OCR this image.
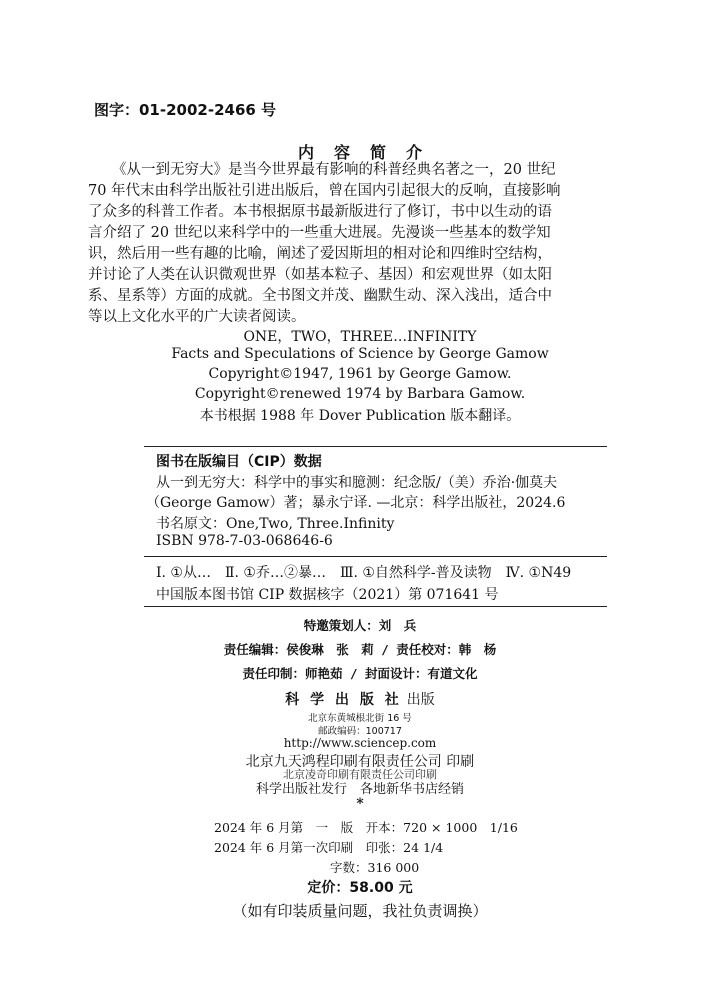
图字：01-2002-2466 号
内容简介
《从一到无穷大》是当今世界最有影响的科普经典名著之一，20 世纪
70 年代末由科学出版社引进出版后，曾在国内引起很大的反响，直接影响
了众多的科普工作者。本书根据原书最新版进行了修订，书中以生动的语
言介绍了 20 世纪以来科学中的一些重大进展。先漫谈一些基本的数学知
识，然后用一些有趣的比喻，阐述了爱因斯坦的相对论和四维时空结构，
并讨论了人类在认识微观世界（如基本粒子、基因）和宏观世界（如太阳
系、星系等）方面的成就。全书图文并茂、幽默生动、深入浅出，适合中
等以上文化水平的广大读者阅读。
ONE，TWO，THREE…INFINITY
Facts and Speculations of Science by George Gamow
Copyright©1947, 1961 by George Gamow.
Copyright©renewed 1974 by Barbara Gamow.
本书根据 1988 年 Dover Publication 版本翻译。
图书在版编目（CIP）数据
从一到无穷大：科学中的事实和臆测：纪念版/（美）乔治·伽莫夫
（George Gamow）著；暴永宁译. —北京：科学出版社，2024.6
书名原文：One,Two, Three.Infinity
ISBN 978-7-03-068646-6
Ⅰ. ①从…　Ⅱ. ①乔…②暴…　Ⅲ. ①自然科学-普及读物　Ⅳ. ①N49
中国版本图书馆 CIP 数据核字（2021）第 071641 号
特邀策划人：刘　兵
责任编辑：侯俊琳　张　莉 / 责任校对：韩　杨
责任印制：师艳茹 / 封面设计：有道文化
科 学 出 版 社 出版
北京东黄城根北街 16 号
邮政编码：100717
http://www.sciencep.com
北京九天鸿程印刷有限责任公司 印刷
北京凌奇印刷有限责任公司印刷
科学出版社发行　各地新华书店经销
*
2024 年 6 月第　一　版　开本：720 × 1000　1/16
2024 年 6 月第一次印刷　印张：24 1/4
字数：316 000
定价：58.00 元
（如有印装质量问题，我社负责调换）
